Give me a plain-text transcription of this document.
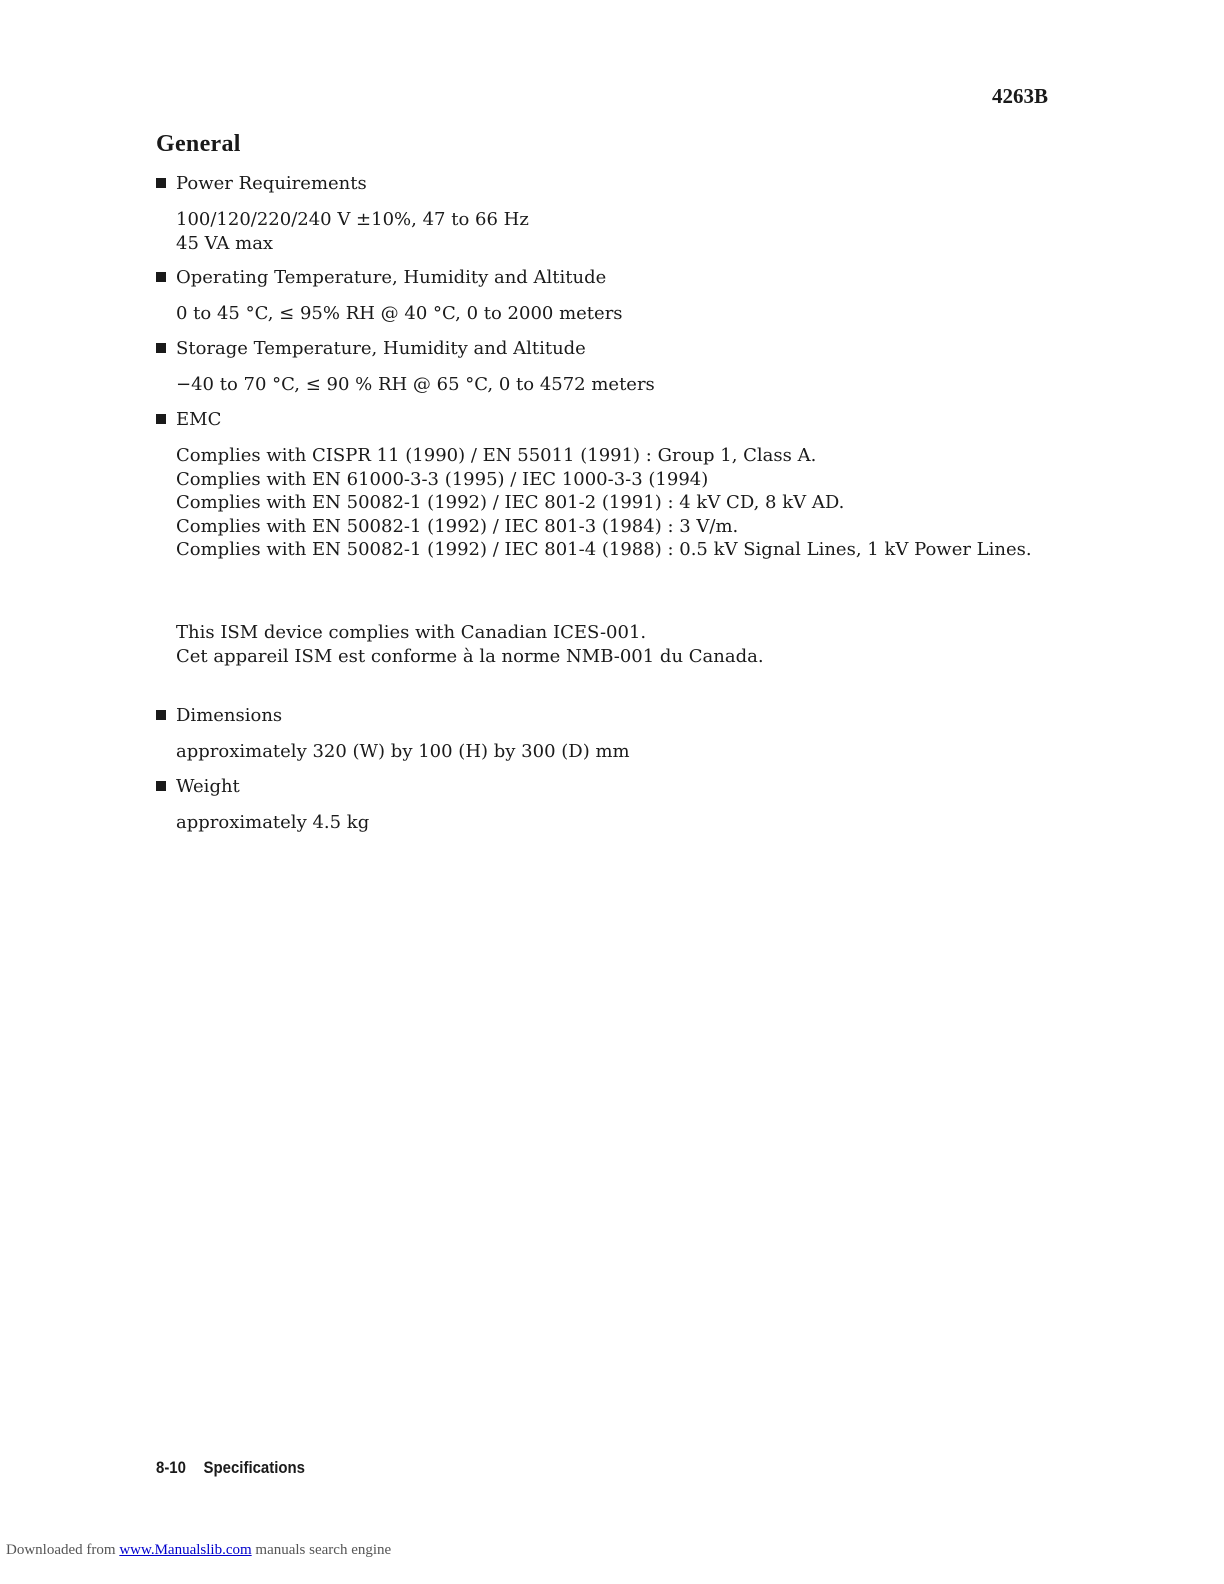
4263B
General
Power Requirements
100/120/220/240 V ±10%, 47 to 66 Hz
45 VA max
Operating Temperature, Humidity and Altitude
0 to 45 °C, ≤ 95% RH @ 40 °C, 0 to 2000 meters
Storage Temperature, Humidity and Altitude
−40 to 70 °C, ≤ 90 % RH @ 65 °C, 0 to 4572 meters
EMC
Complies with CISPR 11 (1990) / EN 55011 (1991) : Group 1, Class A.
Complies with EN 61000-3-3 (1995) / IEC 1000-3-3 (1994)
Complies with EN 50082-1 (1992) / IEC 801-2 (1991) : 4 kV CD, 8 kV AD.
Complies with EN 50082-1 (1992) / IEC 801-3 (1984) : 3 V/m.
Complies with EN 50082-1 (1992) / IEC 801-4 (1988) : 0.5 kV Signal Lines, 1 kV Power Lines.
This ISM device complies with Canadian ICES-001.
Cet appareil ISM est conforme à la norme NMB-001 du Canada.
Dimensions
approximately 320 (W) by 100 (H) by 300 (D) mm
Weight
approximately 4.5 kg
8-10 Specifications
Downloaded from www.Manualslib.com manuals search engine
